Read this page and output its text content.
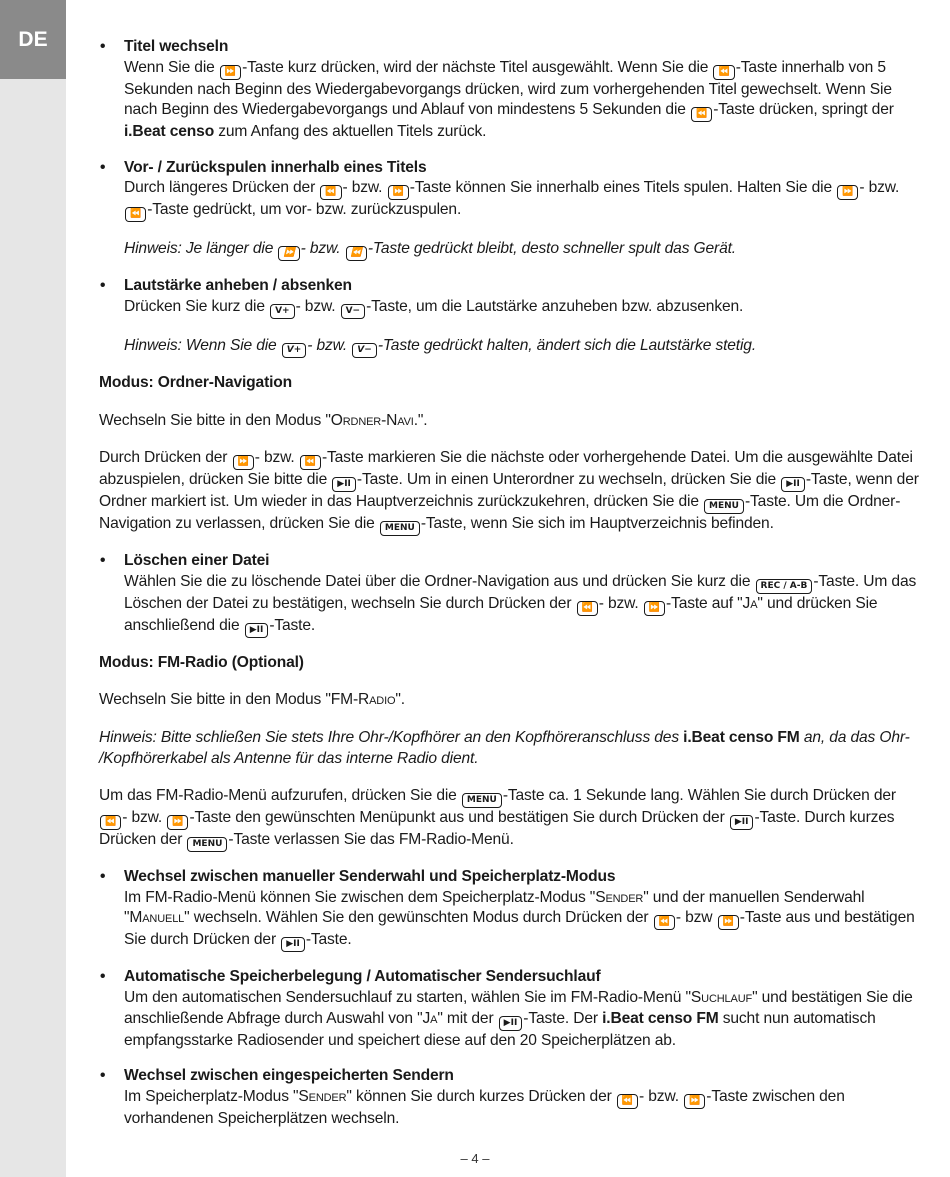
DE	• Titel wechseln

Wenn Sie die ⏩ -Taste kurz drücken, wird der nächste Titel ausgewählt. Wenn Sie die ⏪ -Taste innerhalb von 5 Sekunden nach Beginn des Wiedergabevorgangs drücken, wird zum vorhergehenden Titel gewechselt. Wenn Sie nach Beginn des Wiedergabevorgangs und Ablauf von mindestens 5 Sekunden die ⏪ -Taste drücken, springt der i.Beat censo zum Anfang des aktuellen Titels zurück.

• Vor- / Zurückspulen innerhalb eines Titels

Durch längeres Drücken der ⏪ - bzw. ⏩ -Taste können Sie innerhalb eines Titels spulen. Halten Sie die ⏩ - bzw. ⏪ -Taste gedrückt, um vor- bzw. zurückzuspulen.

Hinweis: Je länger die ⏩ - bzw. ⏪ -Taste gedrückt bleibt, desto schneller spult das Gerät.

• Lautstärke anheben / absenken

Drücken Sie kurz die V+ - bzw. V− -Taste, um die Lautstärke anzuheben bzw. abzusenken.

Hinweis: Wenn Sie die V+ - bzw. V− -Taste gedrückt halten, ändert sich die Lautstärke stetig.

Modus: Ordner-Navigation

Wechseln Sie bitte in den Modus "Ordner-Navi.".

Durch Drücken der ⏩ - bzw. ⏪ -Taste markieren Sie die nächste oder vorhergehende Datei. Um die ausgewählte Datei abzuspielen, drücken Sie bitte die ▶II -Taste. Um in einen Unterordner zu wechseln, drücken Sie die ▶II -Taste, wenn der Ordner markiert ist. Um wieder in das Hauptverzeichnis zurückzukehren, drücken Sie die MENU -Taste. Um die Ordner-Navigation zu verlassen, drücken Sie die MENU -Taste, wenn Sie sich im Hauptverzeichnis befinden.

• Löschen einer Datei

Wählen Sie die zu löschende Datei über die Ordner-Navigation aus und drücken Sie kurz die REC / A-B -Taste. Um das Löschen der Datei zu bestätigen, wechseln Sie durch Drücken der ⏪ - bzw. ⏩ -Taste auf "Ja" und drücken Sie anschließend die ▶II -Taste.

Modus: FM-Radio (Optional)

Wechseln Sie bitte in den Modus "FM-Radio".

Hinweis: Bitte schließen Sie stets Ihre Ohr-/Kopfhörer an den Kopfhöreranschluss des i.Beat censo FM an, da das Ohr- /Kopfhörerkabel als Antenne für das interne Radio dient.

Um das FM-Radio-Menü aufzurufen, drücken Sie die MENU -Taste ca. 1 Sekunde lang. Wählen Sie durch Drücken der ⏪ - bzw. ⏩ -Taste den gewünschten Menüpunkt aus und bestätigen Sie durch Drücken der ▶II -Taste. Durch kurzes Drücken der MENU -Taste verlassen Sie das FM-Radio-Menü.

• Wechsel zwischen manueller Senderwahl und Speicherplatz-Modus

Im FM-Radio-Menü können Sie zwischen dem Speicherplatz-Modus "Sender" und der manuellen Senderwahl "Manuell" wechseln. Wählen Sie den gewünschten Modus durch Drücken der ⏪ - bzw ⏩ -Taste aus und bestätigen Sie durch Drücken der ▶II -Taste.

• Automatische Speicherbelegung / Automatischer Sendersuchlauf

Um den automatischen Sendersuchlauf zu starten, wählen Sie im FM-Radio-Menü "Suchlauf" und bestätigen Sie die anschließende Abfrage durch Auswahl von "Ja" mit der ▶II -Taste. Der i.Beat censo FM sucht nun automatisch empfangsstarke Radiosender und speichert diese auf den 20 Speicherplätzen ab.

• Wechsel zwischen eingespeicherten Sendern

Im Speicherplatz-Modus "Sender" können Sie durch kurzes Drücken der ⏪ - bzw. ⏩ -Taste zwischen den vorhandenen Speicherplätzen wechseln.

– 4 –
